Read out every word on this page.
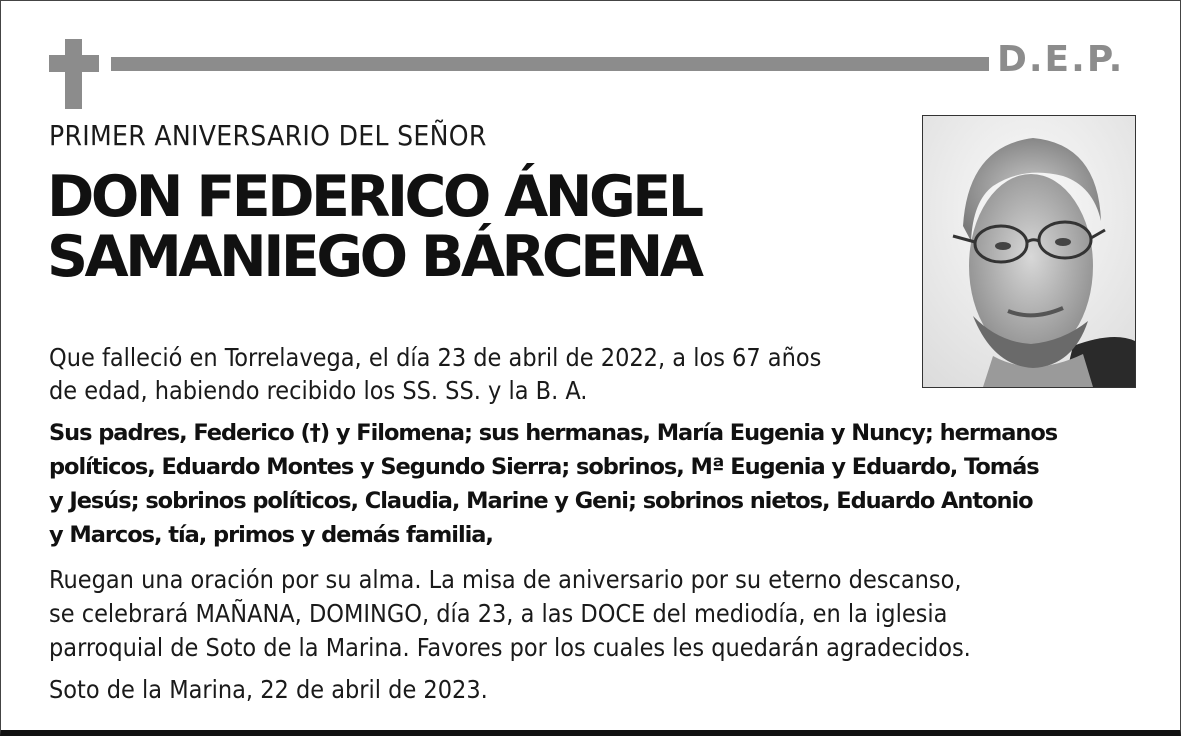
D.E.P.
PRIMER ANIVERSARIO DEL SEÑOR
DON FEDERICO ÁNGEL
SAMANIEGO BÁRCENA
Que falleció en Torrelavega, el día 23 de abril de 2022, a los 67 años
de edad, habiendo recibido los SS. SS. y la B. A.
Sus padres, Federico (†) y Filomena; sus hermanas, María Eugenia y Nuncy; hermanos
políticos, Eduardo Montes y Segundo Sierra; sobrinos, Mª Eugenia y Eduardo, Tomás
y Jesús; sobrinos políticos, Claudia, Marine y Geni; sobrinos nietos, Eduardo Antonio
y Marcos, tía, primos y demás familia,
Ruegan una oración por su alma. La misa de aniversario por su eterno descanso,
se celebrará MAÑANA, DOMINGO, día 23, a las DOCE del mediodía, en la iglesia
parroquial de Soto de la Marina. Favores por los cuales les quedarán agradecidos.
Soto de la Marina, 22 de abril de 2023.
